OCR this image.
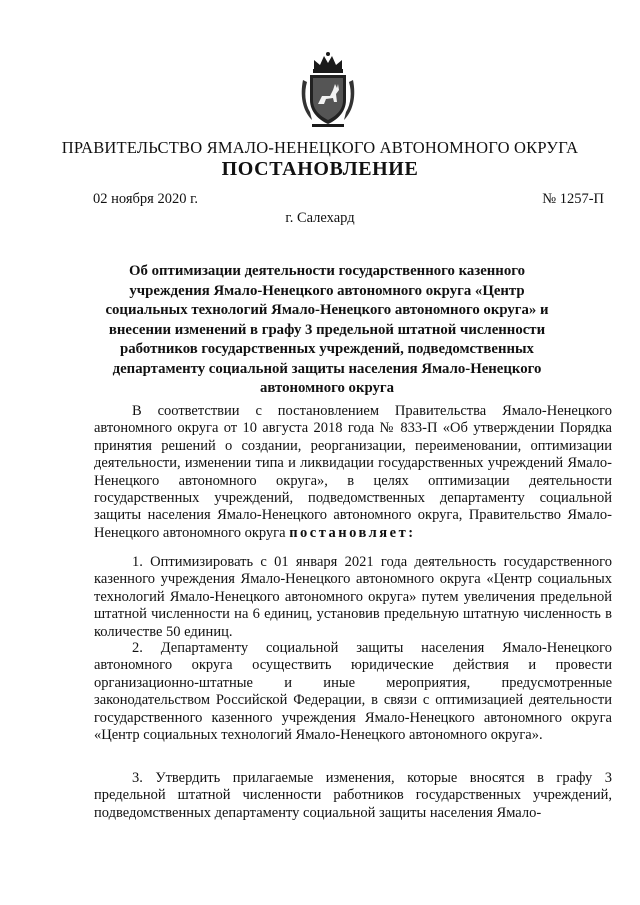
ПРАВИТЕЛЬСТВО ЯМАЛО-НЕНЕЦКОГО АВТОНОМНОГО ОКРУГА
ПОСТАНОВЛЕНИЕ
02 ноября 2020 г.	№ 1257-П
г. Салехард
Об оптимизации деятельности государственного казенного учреждения Ямало-Ненецкого автономного округа «Центр социальных технологий Ямало-Ненецкого автономного округа» и внесении изменений в графу 3 предельной штатной численности работников государственных учреждений, подведомственных департаменту социальной защиты населения Ямало-Ненецкого автономного округа
В соответствии с постановлением Правительства Ямало-Ненецкого автономного округа от 10 августа 2018 года № 833-П «Об утверждении Порядка принятия решений о создании, реорганизации, переименовании, оптимизации деятельности, изменении типа и ликвидации государственных учреждений Ямало-Ненецкого автономного округа», в целях оптимизации деятельности государственных учреждений, подведомственных департаменту социальной защиты населения Ямало-Ненецкого автономного округа, Правительство Ямало-Ненецкого автономного округа постановляет:
1. Оптимизировать с 01 января 2021 года деятельность государственного казенного учреждения Ямало-Ненецкого автономного округа «Центр социальных технологий Ямало-Ненецкого автономного округа» путем увеличения предельной штатной численности на 6 единиц, установив предельную штатную численность в количестве 50 единиц.
2. Департаменту социальной защиты населения Ямало-Ненецкого автономного округа осуществить юридические действия и провести организационно-штатные и иные мероприятия, предусмотренные законодательством Российской Федерации, в связи с оптимизацией деятельности государственного казенного учреждения Ямало-Ненецкого автономного округа «Центр социальных технологий Ямало-Ненецкого автономного округа».
3. Утвердить прилагаемые изменения, которые вносятся в графу 3 предельной штатной численности работников государственных учреждений, подведомственных департаменту социальной защиты населения Ямало-
